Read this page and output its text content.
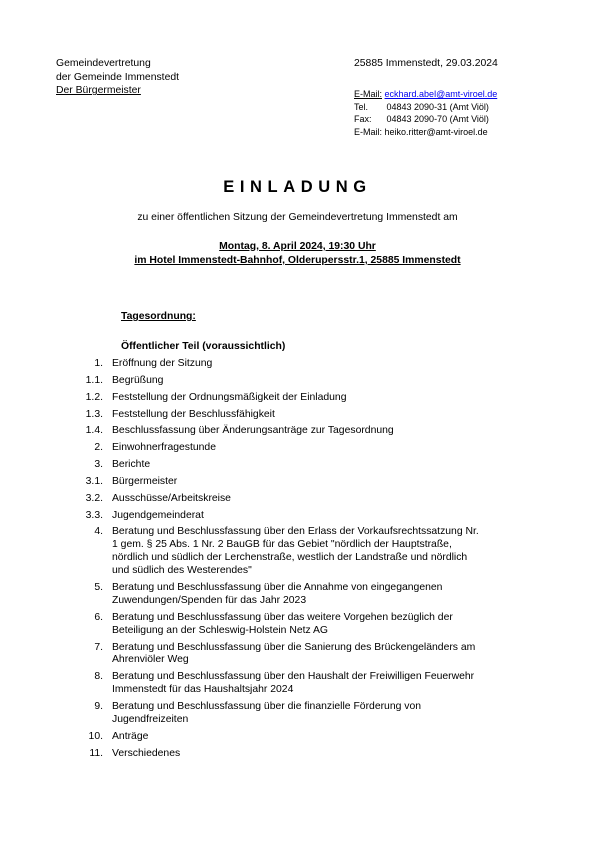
Gemeindevertretung
der Gemeinde Immenstedt
Der Bürgermeister
25885 Immenstedt, 29.03.2024
E-Mail: eckhard.abel@amt-viroel.de
Tel. 04843 2090-31 (Amt Viöl)
Fax: 04843 2090-70 (Amt Viöl)
E-Mail: heiko.ritter@amt-viroel.de
EINLADUNG
zu einer öffentlichen Sitzung der Gemeindevertretung Immenstedt am
Montag, 8. April 2024, 19:30 Uhr
im Hotel Immenstedt-Bahnhof, Olderupersstr.1, 25885 Immenstedt
Tagesordnung:
Öffentlicher Teil (voraussichtlich)
1. Eröffnung der Sitzung
1.1. Begrüßung
1.2. Feststellung der Ordnungsmäßigkeit der Einladung
1.3. Feststellung der Beschlussfähigkeit
1.4. Beschlussfassung über Änderungsanträge zur Tagesordnung
2. Einwohnerfragestunde
3. Berichte
3.1. Bürgermeister
3.2. Ausschüsse/Arbeitskreise
3.3. Jugendgemeinderat
4. Beratung und Beschlussfassung über den Erlass der Vorkaufsrechtssatzung Nr. 1 gem. § 25 Abs. 1 Nr. 2 BauGB für das Gebiet "nördlich der Hauptstraße, nördlich und südlich der Lerchenstraße, westlich der Landstraße und nördlich und südlich des Westerendes"
5. Beratung und Beschlussfassung über die Annahme von eingegangenen Zuwendungen/Spenden für das Jahr 2023
6. Beratung und Beschlussfassung über das weitere Vorgehen bezüglich der Beteiligung an der Schleswig-Holstein Netz AG
7. Beratung und Beschlussfassung über die Sanierung des Brückengeländers am Ahrenviöler Weg
8. Beratung und Beschlussfassung über den Haushalt der Freiwilligen Feuerwehr Immenstedt für das Haushaltsjahr 2024
9. Beratung und Beschlussfassung über die finanzielle Förderung von Jugendfreizeiten
10. Anträge
11. Verschiedenes
